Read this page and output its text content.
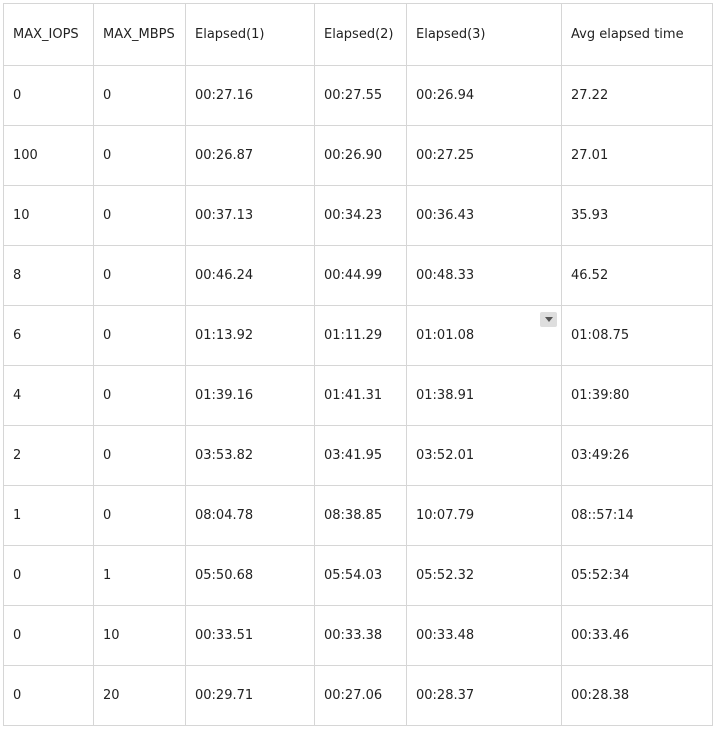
MAX_IOPS	MAX_MBPS	Elapsed(1)	Elapsed(2)	Elapsed(3)	Avg elapsed time
0	0	00:27.16	00:27.55	00:26.94	27.22
100	0	00:26.87	00:26.90	00:27.25	27.01
10	0	00:37.13	00:34.23	00:36.43	35.93
8	0	00:46.24	00:44.99	00:48.33	46.52
6	0	01:13.92	01:11.29	01:01.08	01:08.75
4	0	01:39.16	01:41.31	01:38.91	01:39:80
2	0	03:53.82	03:41.95	03:52.01	03:49:26
1	0	08:04.78	08:38.85	10:07.79	08::57:14
0	1	05:50.68	05:54.03	05:52.32	05:52:34
0	10	00:33.51	00:33.38	00:33.48	00:33.46
0	20	00:29.71	00:27.06	00:28.37	00:28.38
